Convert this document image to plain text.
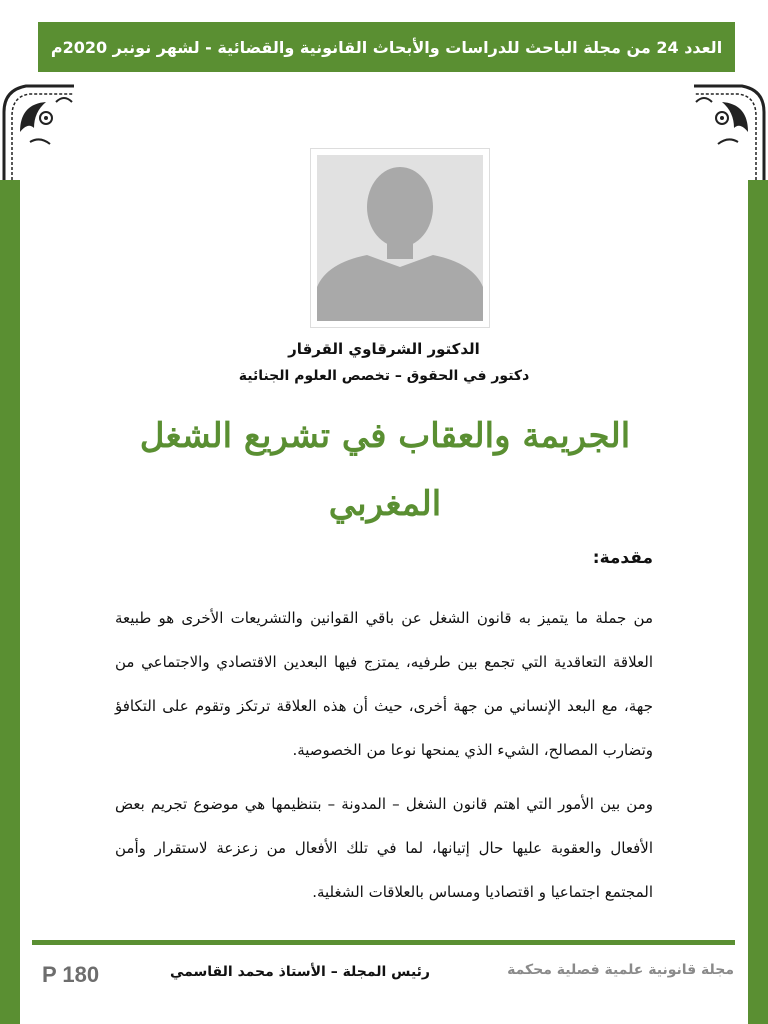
العدد 24 من مجلة الباحث للدراسات والأبحاث القانونية والقضائية - لشهر نونبر 2020م
الدكتور الشرقاوي القرقار
دكتور في الحقوق – تخصص العلوم الجنائية
الجريمة والعقاب في تشريع الشغل المغربي
مقدمة:
من جملة ما يتميز به قانون الشغل عن باقي القوانين والتشريعات الأخرى هو طبيعة العلاقة التعاقدية التي تجمع بين طرفيه، يمتزج فيها البعدين الاقتصادي والاجتماعي من جهة، مع البعد الإنساني من جهة أخرى، حيث أن هذه العلاقة ترتكز وتقوم على التكافؤ وتضارب المصالح، الشيء الذي يمنحها نوعا من الخصوصية.
ومن بين الأمور التي اهتم قانون الشغل – المدونة – بتنظيمها هي موضوع تجريم بعض الأفعال والعقوبة عليها حال إتيانها، لما في تلك الأفعال من زعزعة لاستقرار وأمن المجتمع اجتماعيا و اقتصاديا ومساس بالعلاقات الشغلية.
مجلة قانونية علمية فصلية محكمة
رئيس المجلة – الأستاذ محمد القاسمي
P 180
